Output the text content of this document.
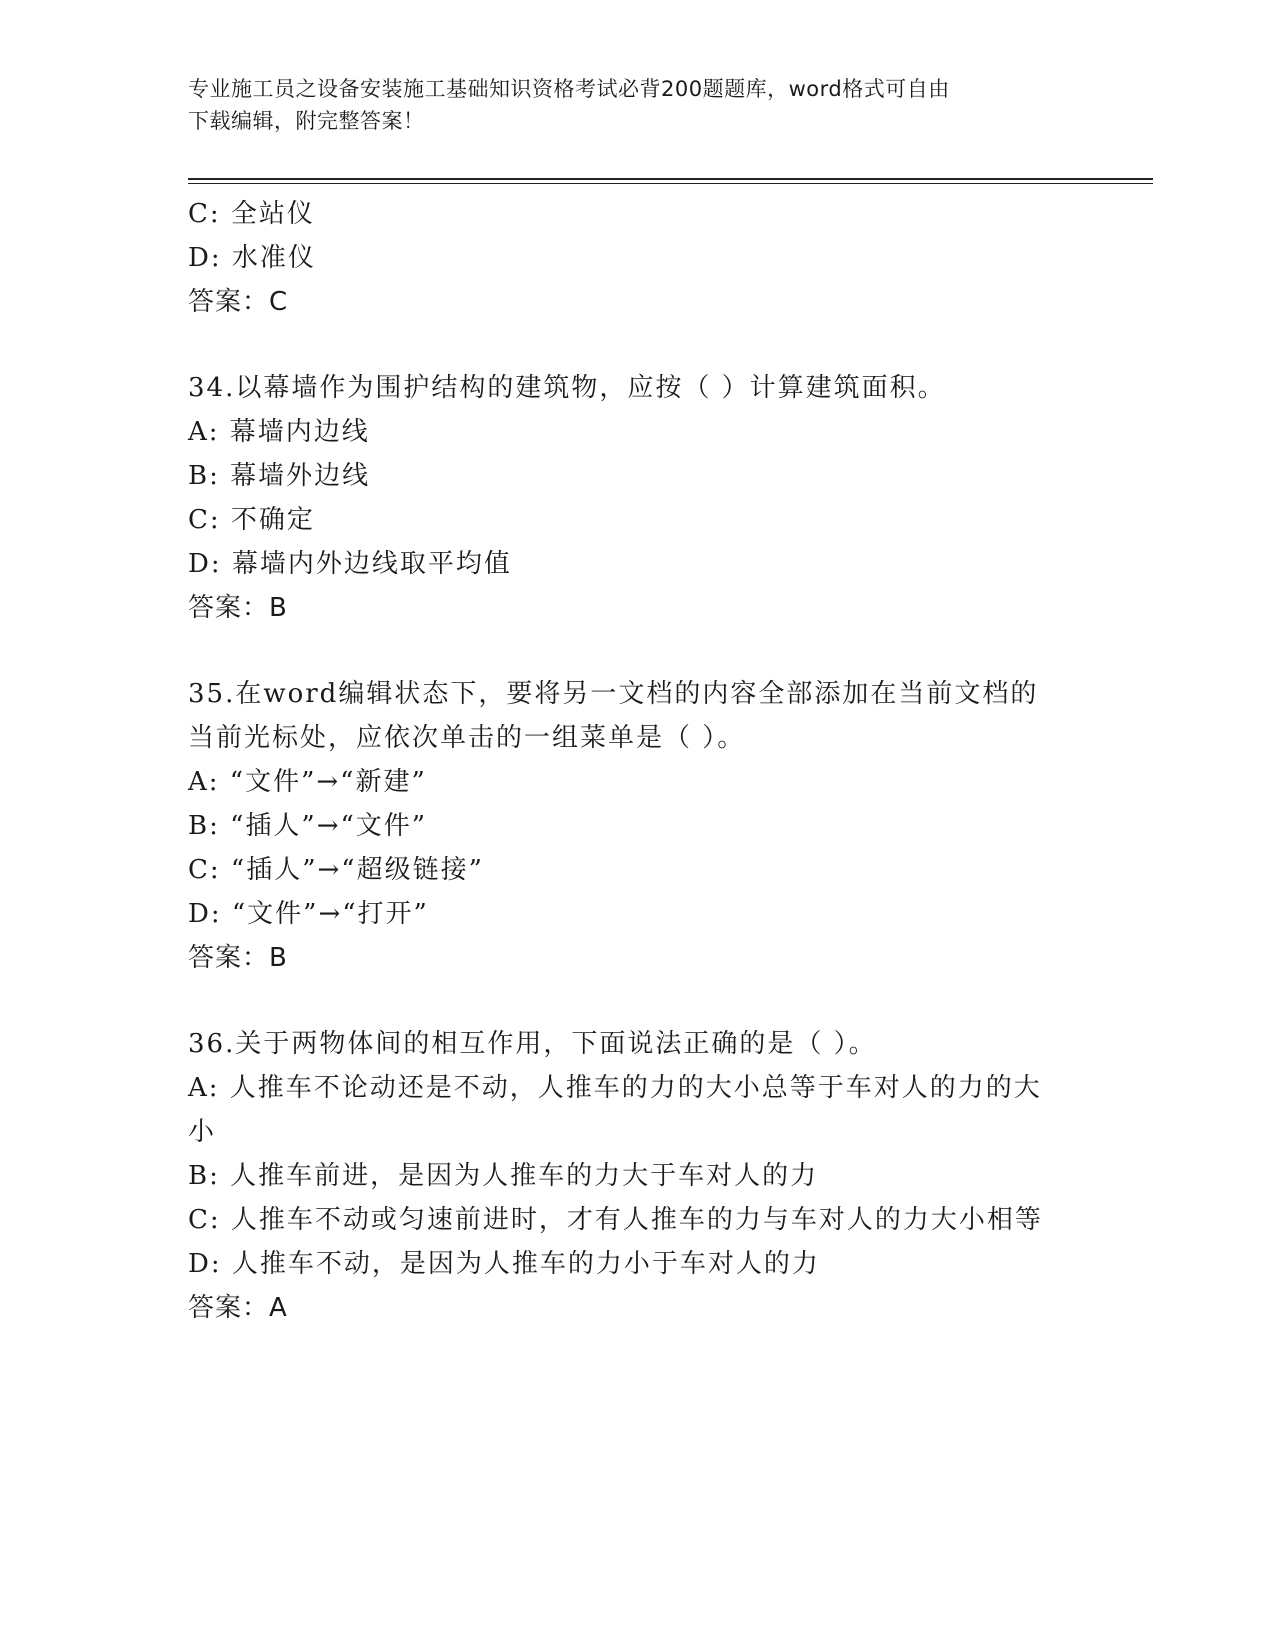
专业施工员之设备安装施工基础知识资格考试必背200题题库，word格式可自由
下载编辑，附完整答案！
C: 全站仪
D: 水准仪
答案：C
34.以幕墙作为围护结构的建筑物，应按（ ）计算建筑面积。
A: 幕墙内边线
B: 幕墙外边线
C: 不确定
D: 幕墙内外边线取平均值
答案：B
35.在word编辑状态下，要将另一文档的内容全部添加在当前文档的
当前光标处，应依次单击的一组菜单是（ ）。
A: “文件”→“新建”
B: “插人”→“文件”
C: “插人”→“超级链接”
D: “文件”→“打开”
答案：B
36.关于两物体间的相互作用，下面说法正确的是（ ）。
A: 人推车不论动还是不动，人推车的力的大小总等于车对人的力的大
小
B: 人推车前进，是因为人推车的力大于车对人的力
C: 人推车不动或匀速前进时，才有人推车的力与车对人的力大小相等
D: 人推车不动，是因为人推车的力小于车对人的力
答案：A
